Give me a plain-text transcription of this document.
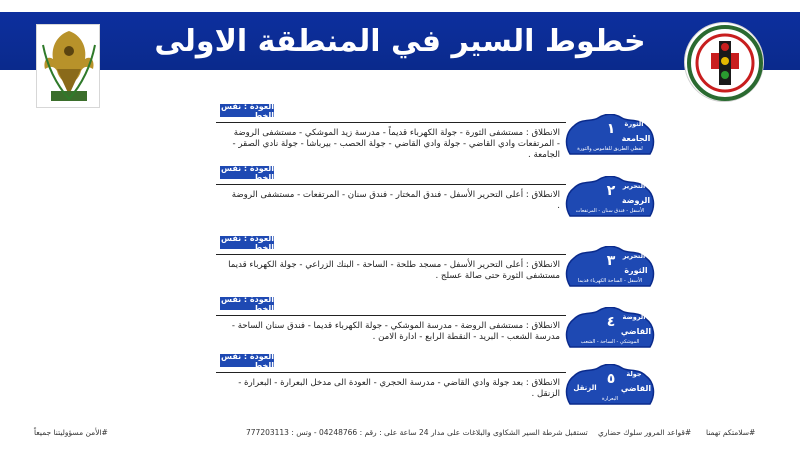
خطوط السير في المنطقة الاولى
العودة : نفس الخط
الانطلاق : مستشفى الثورة - جولة الكهرباء قديماً - مدرسة زيد الموشكي - مستشفى الروضة - المرتفعات وادي القاضي - جولة وادي القاضي - جولة الحصب - بيرباشا - جولة نادي الصقر - الجامعة .
١	الثورة
الجامعة
لفظي الطريق للقاموس والثورة
العودة : نفس الخط
الانطلاق : أعلى التحرير الأسفل - فندق المختار - فندق سنان - المرتفعات - مستشفى الروضة .
٢	التحرير
الروضة
الأسفل - فندق سنان - المرتفعات
العودة : نفس الخط
الانطلاق : أعلى التحرير الأسفل - مسجد طلحة - الساحة - البنك الزراعي - جولة الكهرباء قديما مستشفى الثورة حتى صالة عسلج .
٣	التحرير
الثورة
الأسفل - الساحة الكهرباء قديما
العودة : نفس الخط
الانطلاق : مستشفى الروضة - مدرسة الموشكي - جولة الكهرباء قديما - فندق سنان الساحة - مدرسة الشعب - البريد - النقطة الرابع - ادارة الامن .
٤	الروضة
القاضي
الموشكي - الساحة - الشعب
العودة : نفس الخط
الانطلاق : بعد جولة وادي القاضي - مدرسة الحجري - العودة الى مدخل البعرارة - البعرارة - الزنقل .
٥	جولة
القاضي
البعرارة
الزنقل
#سلامتكم تهمنا
#قواعد المرور سلوك حضاري
تستقبل شرطة السير الشكاوى والبلاغات على مدار 24 ساعة على : رقم : 04248766 - وتس : 777203113
#الأمن مسؤوليتنا جميعاً
